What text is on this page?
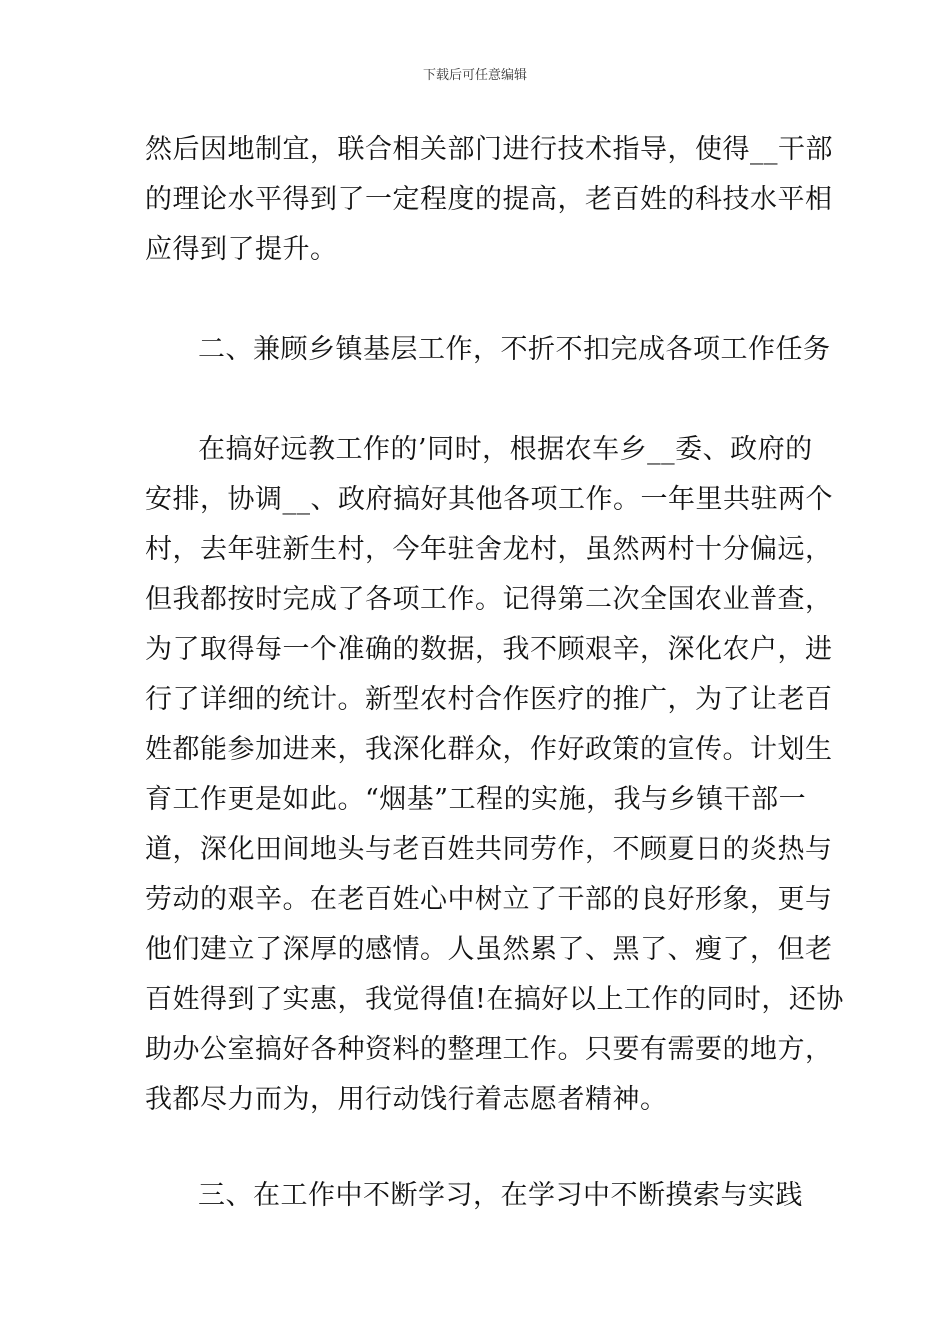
下载后可任意编辑
然后因地制宜，联合相关部门进行技术指导，使得__干部
的理论水平得到了一定程度的提高，老百姓的科技水平相
应得到了提升。
二、兼顾乡镇基层工作，不折不扣完成各项工作任务
在搞好远教工作的’同时，根据农车乡__委、政府的
安排，协调__、政府搞好其他各项工作。一年里共驻两个
村，去年驻新生村，今年驻舍龙村，虽然两村十分偏远，
但我都按时完成了各项工作。记得第二次全国农业普查，
为了取得每一个准确的数据，我不顾艰辛，深化农户，进
行了详细的统计。新型农村合作医疗的推广，为了让老百
姓都能参加进来，我深化群众，作好政策的宣传。计划生
育工作更是如此。“烟基”工程的实施，我与乡镇干部一
道，深化田间地头与老百姓共同劳作，不顾夏日的炎热与
劳动的艰辛。在老百姓心中树立了干部的良好形象，更与
他们建立了深厚的感情。人虽然累了、黑了、瘦了，但老
百姓得到了实惠，我觉得值!在搞好以上工作的同时，还协
助办公室搞好各种资料的整理工作。只要有需要的地方，
我都尽力而为，用行动饯行着志愿者精神。
三、在工作中不断学习，在学习中不断摸索与实践
